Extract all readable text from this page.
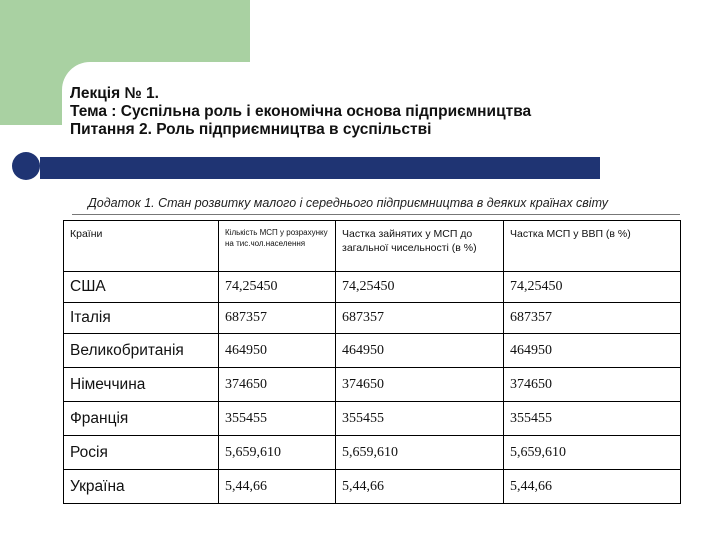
Лекція № 1.
Тема : Суспільна роль і економічна основа підприємництва
Питання 2. Роль підприємництва в суспільстві
Додаток 1. Стан розвитку малого і середнього підприємництва в деяких країнах світу
Країни	Кількість МСП у розрахунку на тис.чол.населення	Частка зайнятих у МСП до загальної чисельності (в %)	Частка МСП у ВВП (в %)
США	74,25450	74,25450	74,25450
Італія	687357	687357	687357
Великобританія	464950	464950	464950
Німеччина	374650	374650	374650
Франція	355455	355455	355455
Росія	5,659,610	5,659,610	5,659,610
Україна	5,44,66	5,44,66	5,44,66
